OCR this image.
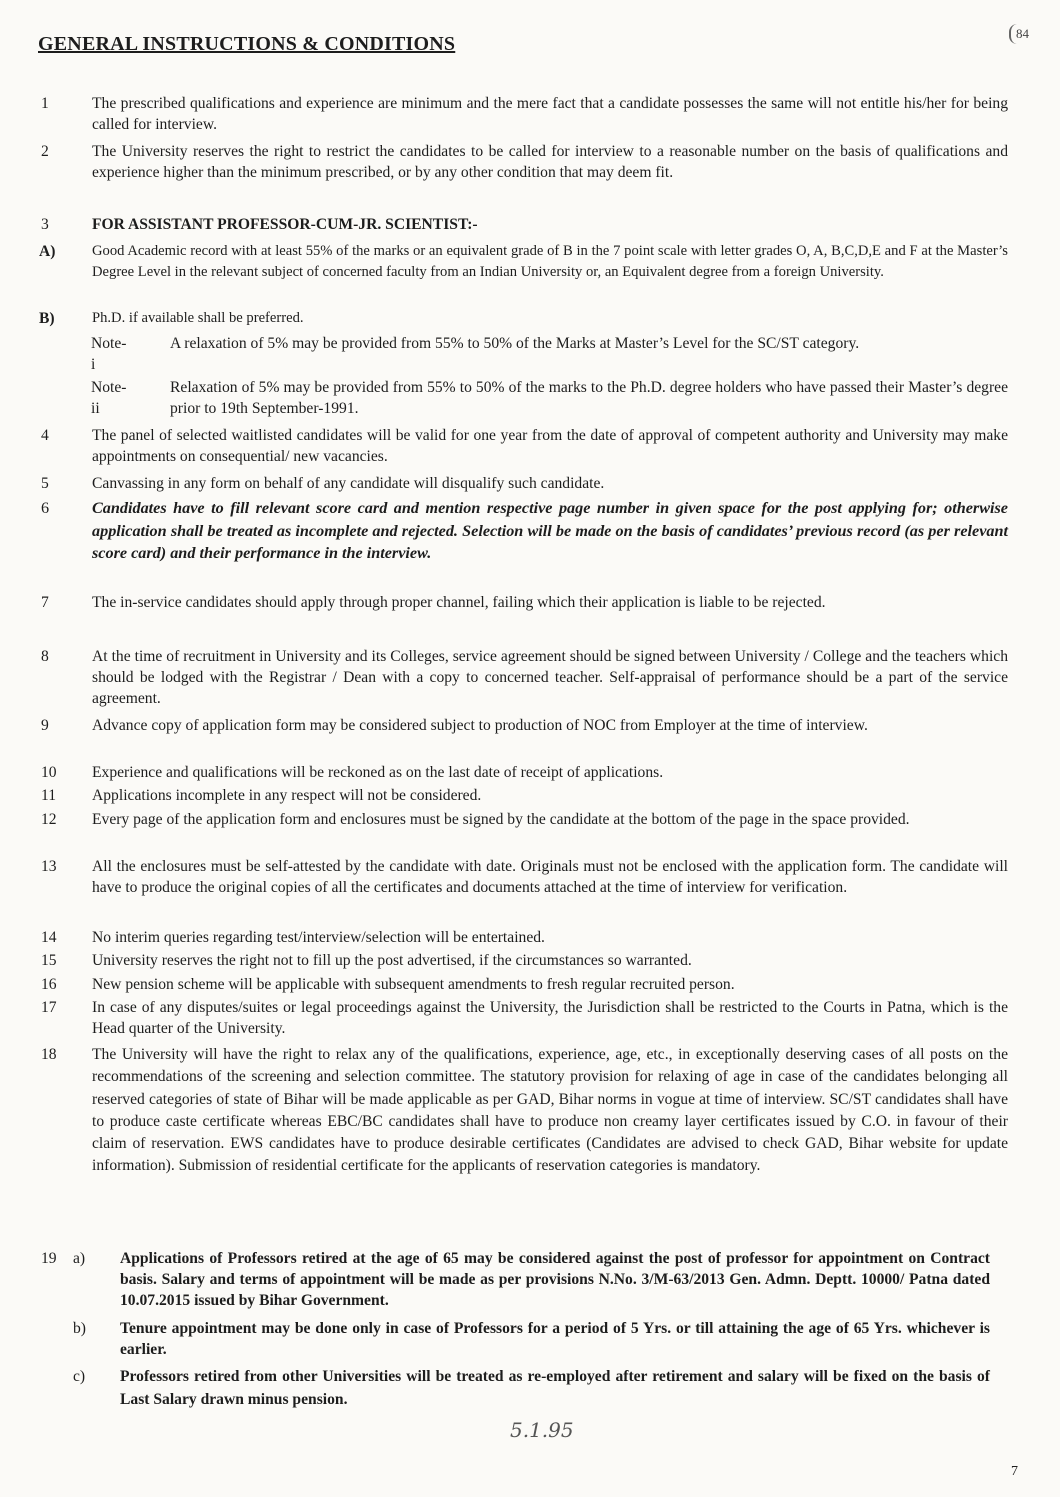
GENERAL INSTRUCTIONS & CONDITIONS	84
1	The prescribed qualifications and experience are minimum and the mere fact that a candidate possesses the same will not entitle his/her for being called for interview.
2	The University reserves the right to restrict the candidates to be called for interview to a reasonable number on the basis of qualifications and experience higher than the minimum prescribed, or by any other condition that may deem fit.
3	FOR ASSISTANT PROFESSOR-CUM-JR. SCIENTIST:-
A)	Good Academic record with at least 55% of the marks or an equivalent grade of B in the 7 point scale with letter grades O, A, B,C,D,E and F at the Master’s Degree Level in the relevant subject of concerned faculty from an Indian University or, an Equivalent degree from a foreign University.
B)	Ph.D. if available shall be preferred.
Note-i
A relaxation of 5% may be provided from 55% to 50% of the Marks at Master’s Level for the SC/ST category.
Note-ii
Relaxation of 5% may be provided from 55% to 50% of the marks to the Ph.D. degree holders who have passed their Master’s degree prior to 19th September-1991.
4	The panel of selected waitlisted candidates will be valid for one year from the date of approval of competent authority and University may make appointments on consequential/ new vacancies.
5	Canvassing in any form on behalf of any candidate will disqualify such candidate.
6	Candidates have to fill relevant score card and mention respective page number in given space for the post applying for; otherwise application shall be treated as incomplete and rejected. Selection will be made on the basis of candidates’ previous record (as per relevant score card) and their performance in the interview.
7	The in-service candidates should apply through proper channel, failing which their application is liable to be rejected.
8	At the time of recruitment in University and its Colleges, service agreement should be signed between University / College and the teachers which should be lodged with the Registrar / Dean with a copy to concerned teacher. Self-appraisal of performance should be a part of the service agreement.
9	Advance copy of application form may be considered subject to production of NOC from Employer at the time of interview.
10	Experience and qualifications will be reckoned as on the last date of receipt of applications.
11	Applications incomplete in any respect will not be considered.
12	Every page of the application form and enclosures must be signed by the candidate at the bottom of the page in the space provided.
13	All the enclosures must be self-attested by the candidate with date. Originals must not be enclosed with the application form. The candidate will have to produce the original copies of all the certificates and documents attached at the time of interview for verification.
14	No interim queries regarding test/interview/selection will be entertained.
15	University reserves the right not to fill up the post advertised, if the circumstances so warranted.
16	New pension scheme will be applicable with subsequent amendments to fresh regular recruited person.
17	In case of any disputes/suites or legal proceedings against the University, the Jurisdiction shall be restricted to the Courts in Patna, which is the Head quarter of the University.
18	The University will have the right to relax any of the qualifications, experience, age, etc., in exceptionally deserving cases of all posts on the recommendations of the screening and selection committee. The statutory provision for relaxing of age in case of the candidates belonging all reserved categories of state of Bihar will be made applicable as per GAD, Bihar norms in vogue at time of interview. SC/ST candidates shall have to produce caste certificate whereas EBC/BC candidates shall have to produce non creamy layer certificates issued by C.O. in favour of their claim of reservation. EWS candidates have to produce desirable certificates (Candidates are advised to check GAD, Bihar website for update information). Submission of residential certificate for the applicants of reservation categories is mandatory.
19	a) Applications of Professors retired at the age of 65 may be considered against the post of professor for appointment on Contract basis. Salary and terms of appointment will be made as per provisions N.No. 3/M-63/2013 Gen. Admn. Deptt. 10000/ Patna dated 10.07.2015 issued by Bihar Government.
b) Tenure appointment may be done only in case of Professors for a period of 5 Yrs. or till attaining the age of 65 Yrs. whichever is earlier.
c) Professors retired from other Universities will be treated as re-employed after retirement and salary will be fixed on the basis of Last Salary drawn minus pension.
5.1.95
7
